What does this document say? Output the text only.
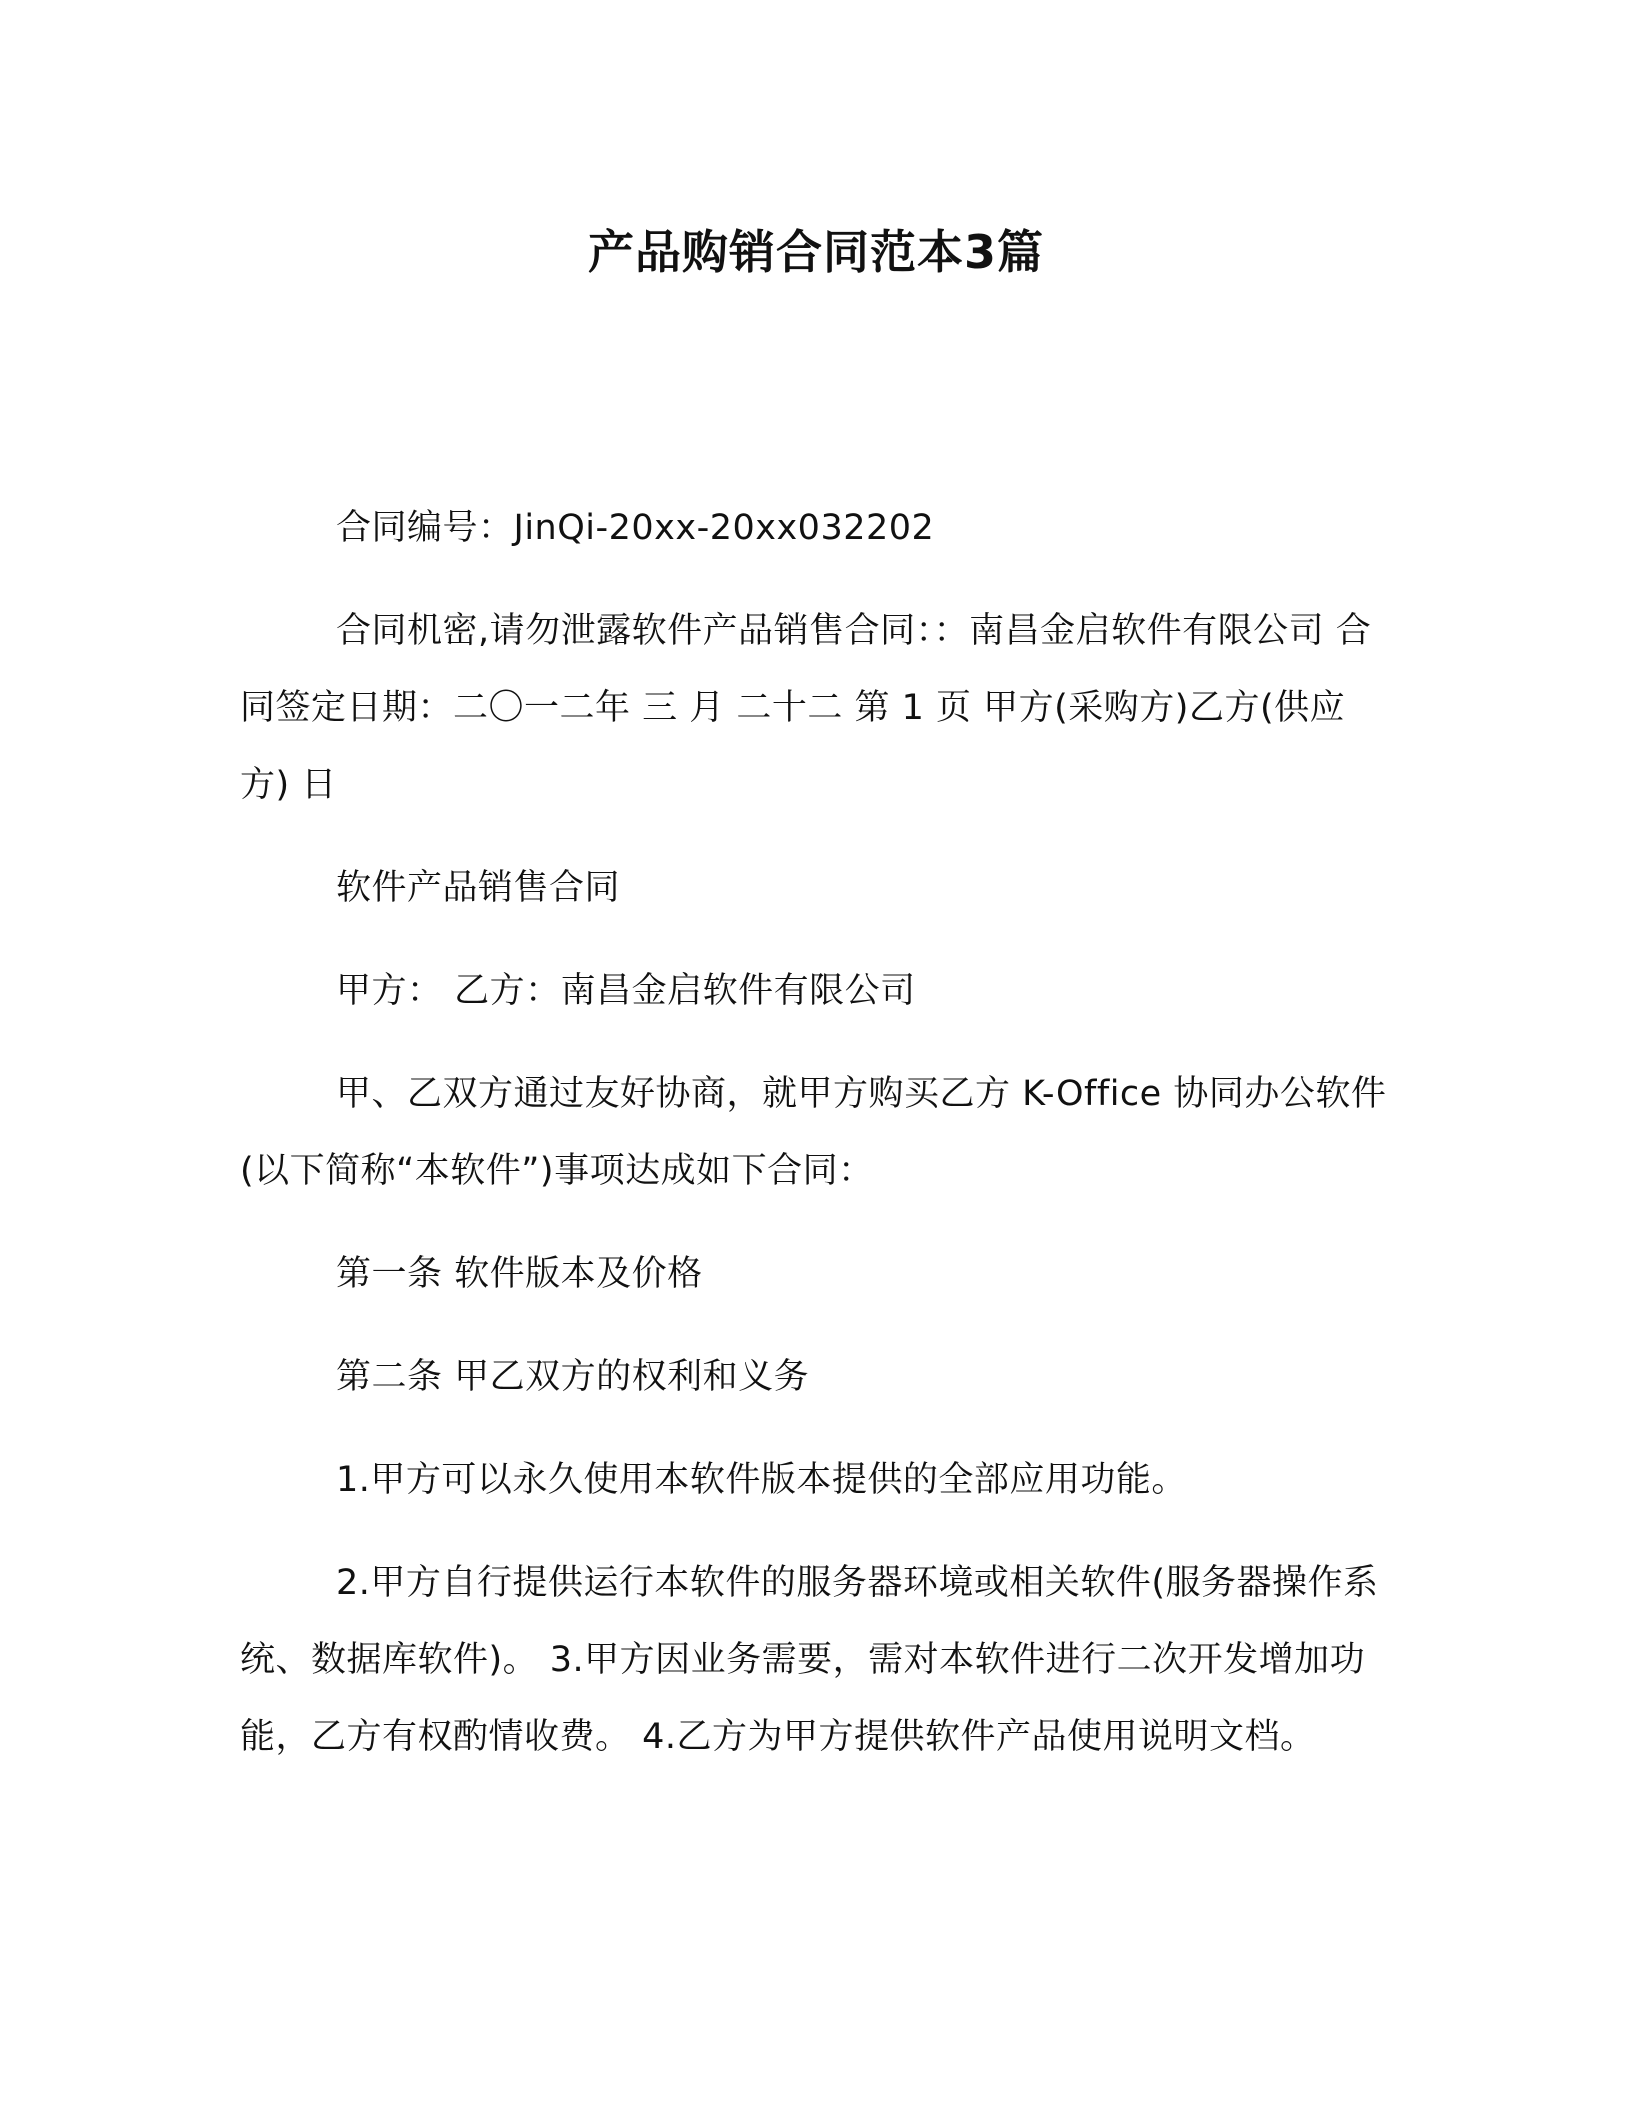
产品购销合同范本3篇

合同编号：JinQi-20xx-20xx032202

合同机密,请勿泄露软件产品销售合同：：南昌金启软件有限公司 合同签定日期：二〇一二年 三 月 二十二 第 1 页 甲方(采购方)乙方(供应方) 日

软件产品销售合同

甲方： 乙方：南昌金启软件有限公司

甲、乙双方通过友好协商，就甲方购买乙方 K-Office 协同办公软件(以下简称“本软件”)事项达成如下合同：

第一条 软件版本及价格

第二条 甲乙双方的权利和义务

1.甲方可以永久使用本软件版本提供的全部应用功能。

2.甲方自行提供运行本软件的服务器环境或相关软件(服务器操作系统、数据库软件)。 3.甲方因业务需要，需对本软件进行二次开发增加功能，乙方有权酌情收费。 4.乙方为甲方提供软件产品使用说明文档。
